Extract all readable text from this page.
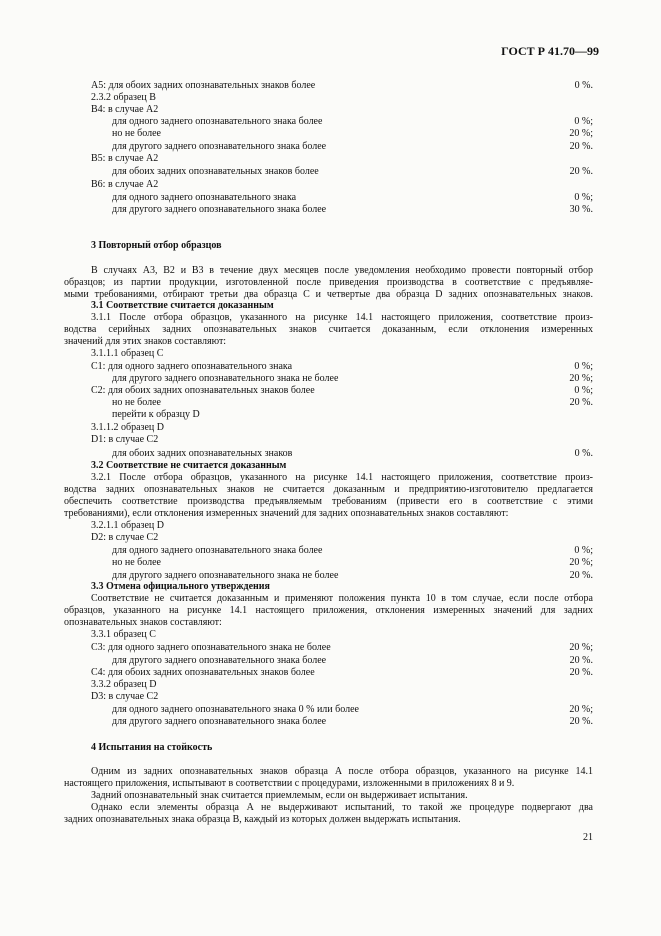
ГОСТ Р 41.70—99
A5: для обоих задних опознавательных знаков более	0 %.
2.3.2 образец B
B4: в случае A2
для одного заднего опознавательного знака более	0 %;
но не более	20 %;
для другого заднего опознавательного знака более	20 %.
B5: в случае A2
для обоих задних опознавательных знаков более	20 %.
B6: в случае A2
для одного заднего опознавательного знака	0 %;
для другого заднего опознавательного знака более	30 %.
3 Повторный отбор образцов
В случаях A3, B2 и B3 в течение двух месяцев после уведомления необходимо провести повторный отбор
образцов; из партии продукции, изготовленной после приведения производства в соответствие с предъявляе-
мыми требованиями, отбирают третьи два образца C и четвертые два образца D задних опознавательных знаков.
3.1 Соответствие считается доказанным
3.1.1 После отбора образцов, указанного на рисунке 14.1 настоящего приложения, соответствие произ-
водства серийных задних опознавательных знаков считается доказанным, если отклонения измеренных
значений для этих знаков составляют:
3.1.1.1 образец C
C1: для одного заднего опознавательного знака	0 %;
для другого заднего опознавательного знака не более	20 %;
C2: для обоих задних опознавательных знаков более	0 %;
но не более	20 %.
перейти к образцу D
3.1.1.2 образец D
D1: в случае C2
для обоих задних опознавательных знаков	0 %.
3.2 Соответствие не считается доказанным
3.2.1 После отбора образцов, указанного на рисунке 14.1 настоящего приложения, соответствие произ-
водства задних опознавательных знаков не считается доказанным и предприятию-изготовителю предлагается
обеспечить соответствие производства предъявляемым требованиям (привести его в соответствие с этими
требованиями), если отклонения измеренных значений для задних опознавательных знаков составляют:
3.2.1.1 образец D
D2: в случае C2
для одного заднего опознавательного знака более	0 %;
но не более	20 %;
для другого заднего опознавательного знака не более	20 %.
3.3 Отмена официального утверждения
Соответствие не считается доказанным и применяют положения пункта 10 в том случае, если после отбора
образцов, указанного на рисунке 14.1 настоящего приложения, отклонения измеренных значений для задних
опознавательных знаков составляют:
3.3.1 образец C
C3: для одного заднего опознавательного знака не более	20 %;
для другого заднего опознавательного знака более	20 %.
C4: для обоих задних опознавательных знаков более	20 %.
3.3.2 образец D
D3: в случае C2
для одного заднего опознавательного знака 0 % или более	20 %;
для другого заднего опознавательного знака более	20 %.
4 Испытания на стойкость
Одним из задних опознавательных знаков образца A после отбора образцов, указанного на рисунке 14.1
настоящего приложения, испытывают в соответствии с процедурами, изложенными в приложениях 8 и 9.
Задний опознавательный знак считается приемлемым, если он выдерживает испытания.
Однако если элементы образца A не выдерживают испытаний, то такой же процедуре подвергают два
задних опознавательных знака образца B, каждый из которых должен выдержать испытания.
21
